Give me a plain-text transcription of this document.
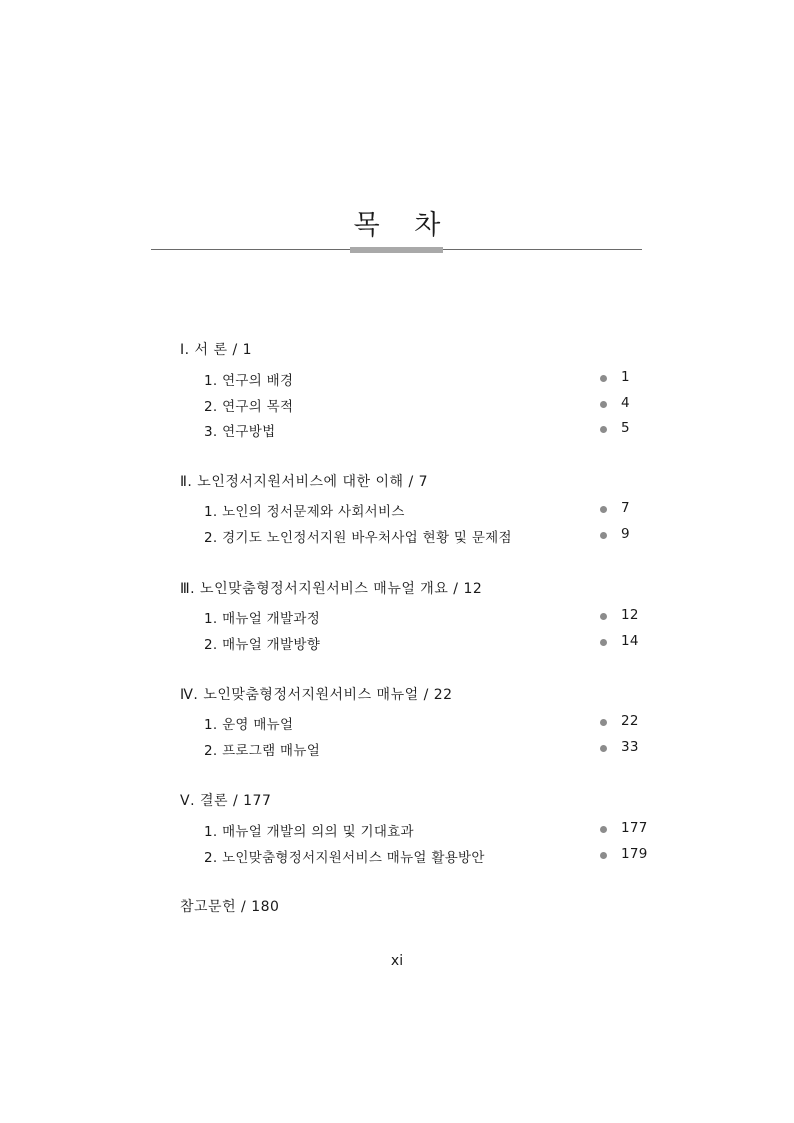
목 차
Ⅰ. 서 론 / 1
1. 연구의 배경	1
2. 연구의 목적	4
3. 연구방법	5
Ⅱ. 노인정서지원서비스에 대한 이해 / 7
1. 노인의 정서문제와 사회서비스	7
2. 경기도 노인정서지원 바우처사업 현황 및 문제점	9
Ⅲ. 노인맞춤형정서지원서비스 매뉴얼 개요 / 12
1. 매뉴얼 개발과정	12
2. 매뉴얼 개발방향	14
Ⅳ. 노인맞춤형정서지원서비스 매뉴얼 / 22
1. 운영 매뉴얼	22
2. 프로그램 매뉴얼	33
Ⅴ. 결론 / 177
1. 매뉴얼 개발의 의의 및 기대효과	177
2. 노인맞춤형정서지원서비스 매뉴얼 활용방안	179
참고문헌 / 180
xi
